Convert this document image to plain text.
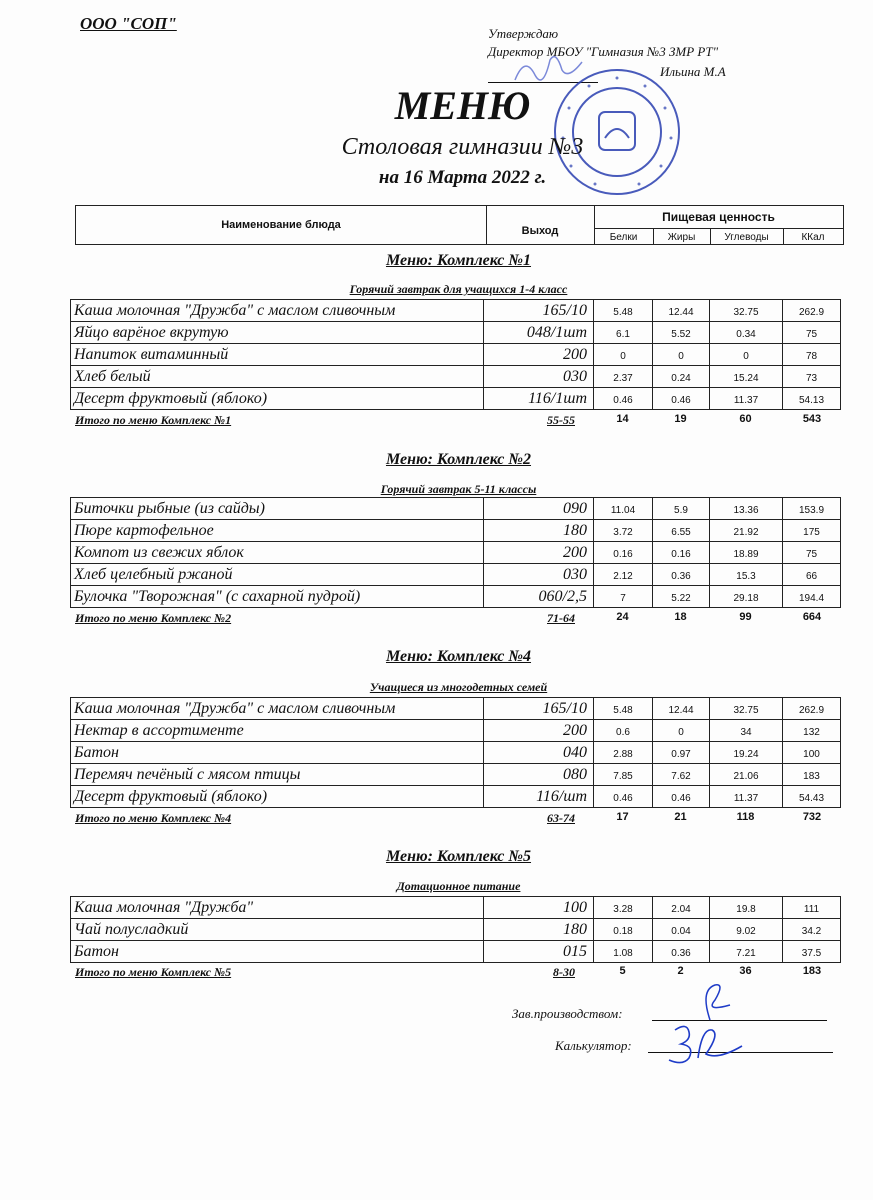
ООО "СОП"
Утверждаю
Директор МБОУ "Гимназия №3 ЗМР РТ"
Ильина М.А
МЕНЮ
Столовая гимназии №3
на 16 Марта 2022 г.
Наименование блюда	Выход
Пищевая ценность
Белки	Жиры	Углеводы	ККал
Меню: Комплекс №1
Горячий завтрак для учащихся 1-4 класс
Каша молочная "Дружба" с маслом сливочным	165/10	5.48	12.44	32.75	262.9
Яйцо варёное вкрутую	048/1шт	6.1	5.52	0.34	75
Напиток витаминный	200	0	0	0	78
Хлеб белый	030	2.37	0.24	15.24	73
Десерт фруктовый (яблоко)	116/1шт	0.46	0.46	11.37	54.13
Итого по меню Комплекс №1	55-55	14	19	60	543
Меню: Комплекс №2
Горячий завтрак 5-11 классы
Биточки рыбные (из сайды)	090	11.04	5.9	13.36	153.9
Пюре картофельное	180	3.72	6.55	21.92	175
Компот из свежих яблок	200	0.16	0.16	18.89	75
Хлеб целебный ржаной	030	2.12	0.36	15.3	66
Булочка "Творожная" (с сахарной пудрой)	060/2,5	7	5.22	29.18	194.4
Итого по меню Комплекс №2	71-64	24	18	99	664
Меню: Комплекс №4
Учащиеся из многодетных семей
Каша молочная "Дружба" с маслом сливочным	165/10	5.48	12.44	32.75	262.9
Нектар в ассортименте	200	0.6	0	34	132
Батон	040	2.88	0.97	19.24	100
Перемяч печёный с мясом птицы	080	7.85	7.62	21.06	183
Десерт фруктовый (яблоко)	116/шт	0.46	0.46	11.37	54.43
Итого по меню Комплекс №4	63-74	17	21	118	732
Меню: Комплекс №5
Дотационное питание
Каша молочная "Дружба"	100	3.28	2.04	19.8	111
Чай полусладкий	180	0.18	0.04	9.02	34.2
Батон	015	1.08	0.36	7.21	37.5
Итого по меню Комплекс №5	8-30	5	2	36	183
Зав.производством:
Калькулятор:
